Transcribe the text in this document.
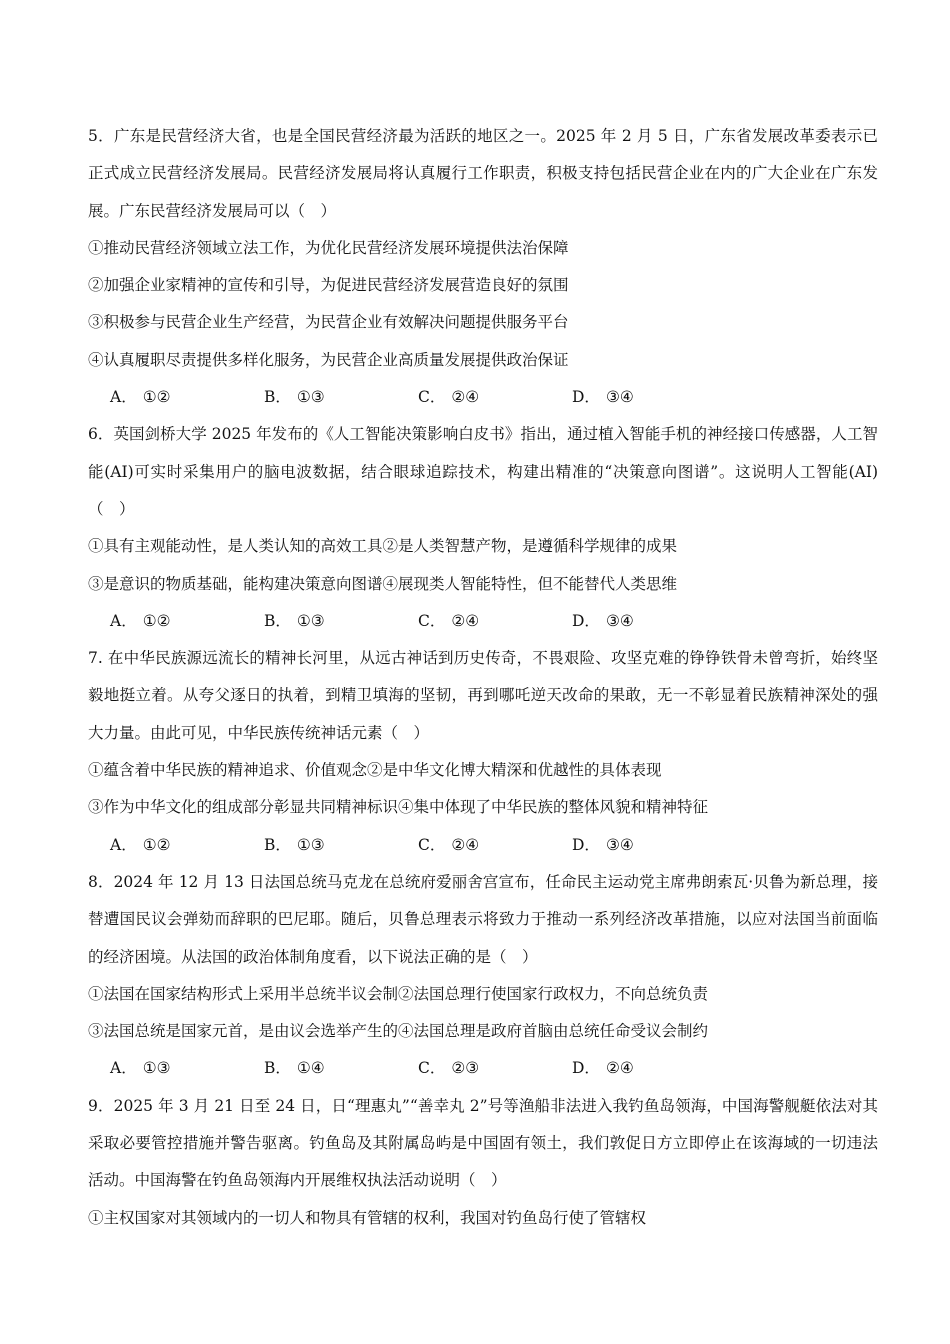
5．广东是民营经济大省，也是全国民营经济最为活跃的地区之一。2025 年 2 月 5 日，广东省发展改革委表示已正式成立民营经济发展局。民营经济发展局将认真履行工作职责，积极支持包括民营企业在内的广大企业在广东发展。广东民营经济发展局可以（　）

①推动民营经济领域立法工作，为优化民营经济发展环境提供法治保障

②加强企业家精神的宣传和引导，为促进民营经济发展营造良好的氛围

③积极参与民营企业生产经营，为民营企业有效解决问题提供服务平台

④认真履职尽责提供多样化服务，为民营企业高质量发展提供政治保证

A． ①②	B． ①③	C． ②④	D． ③④

6．英国剑桥大学 2025 年发布的《人工智能决策影响白皮书》指出，通过植入智能手机的神经接口传感器，人工智能(AI)可实时采集用户的脑电波数据，结合眼球追踪技术，构建出精准的“决策意向图谱”。这说明人工智能(AI)（　）

①具有主观能动性，是人类认知的高效工具②是人类智慧产物，是遵循科学规律的成果

③是意识的物质基础，能构建决策意向图谱④展现类人智能特性，但不能替代人类思维

A． ①②	B． ①③	C． ②④	D． ③④

7. 在中华民族源远流长的精神长河里，从远古神话到历史传奇，不畏艰险、攻坚克难的铮铮铁骨未曾弯折，始终坚毅地挺立着。从夸父逐日的执着，到精卫填海的坚韧，再到哪吒逆天改命的果敢，无一不彰显着民族精神深处的强大力量。由此可见，中华民族传统神话元素（　）

①蕴含着中华民族的精神追求、价值观念②是中华文化博大精深和优越性的具体表现

③作为中华文化的组成部分彰显共同精神标识④集中体现了中华民族的整体风貌和精神特征

A． ①②	B． ①③	C． ②④	D． ③④

8．2024 年 12 月 13 日法国总统马克龙在总统府爱丽舍宫宣布，任命民主运动党主席弗朗索瓦·贝鲁为新总理，接替遭国民议会弹劾而辞职的巴尼耶。随后，贝鲁总理表示将致力于推动一系列经济改革措施，以应对法国当前面临的经济困境。从法国的政治体制角度看，以下说法正确的是（　）

①法国在国家结构形式上采用半总统半议会制②法国总理行使国家行政权力，不向总统负责

③法国总统是国家元首，是由议会选举产生的④法国总理是政府首脑由总统任命受议会制约

A． ①③	B． ①④	C． ②③	D． ②④

9．2025 年 3 月 21 日至 24 日，日“理惠丸”“善幸丸 2”号等渔船非法进入我钓鱼岛领海，中国海警舰艇依法对其采取必要管控措施并警告驱离。钓鱼岛及其附属岛屿是中国固有领土，我们敦促日方立即停止在该海域的一切违法活动。中国海警在钓鱼岛领海内开展维权执法活动说明（　）

①主权国家对其领域内的一切人和物具有管辖的权利，我国对钓鱼岛行使了管辖权
